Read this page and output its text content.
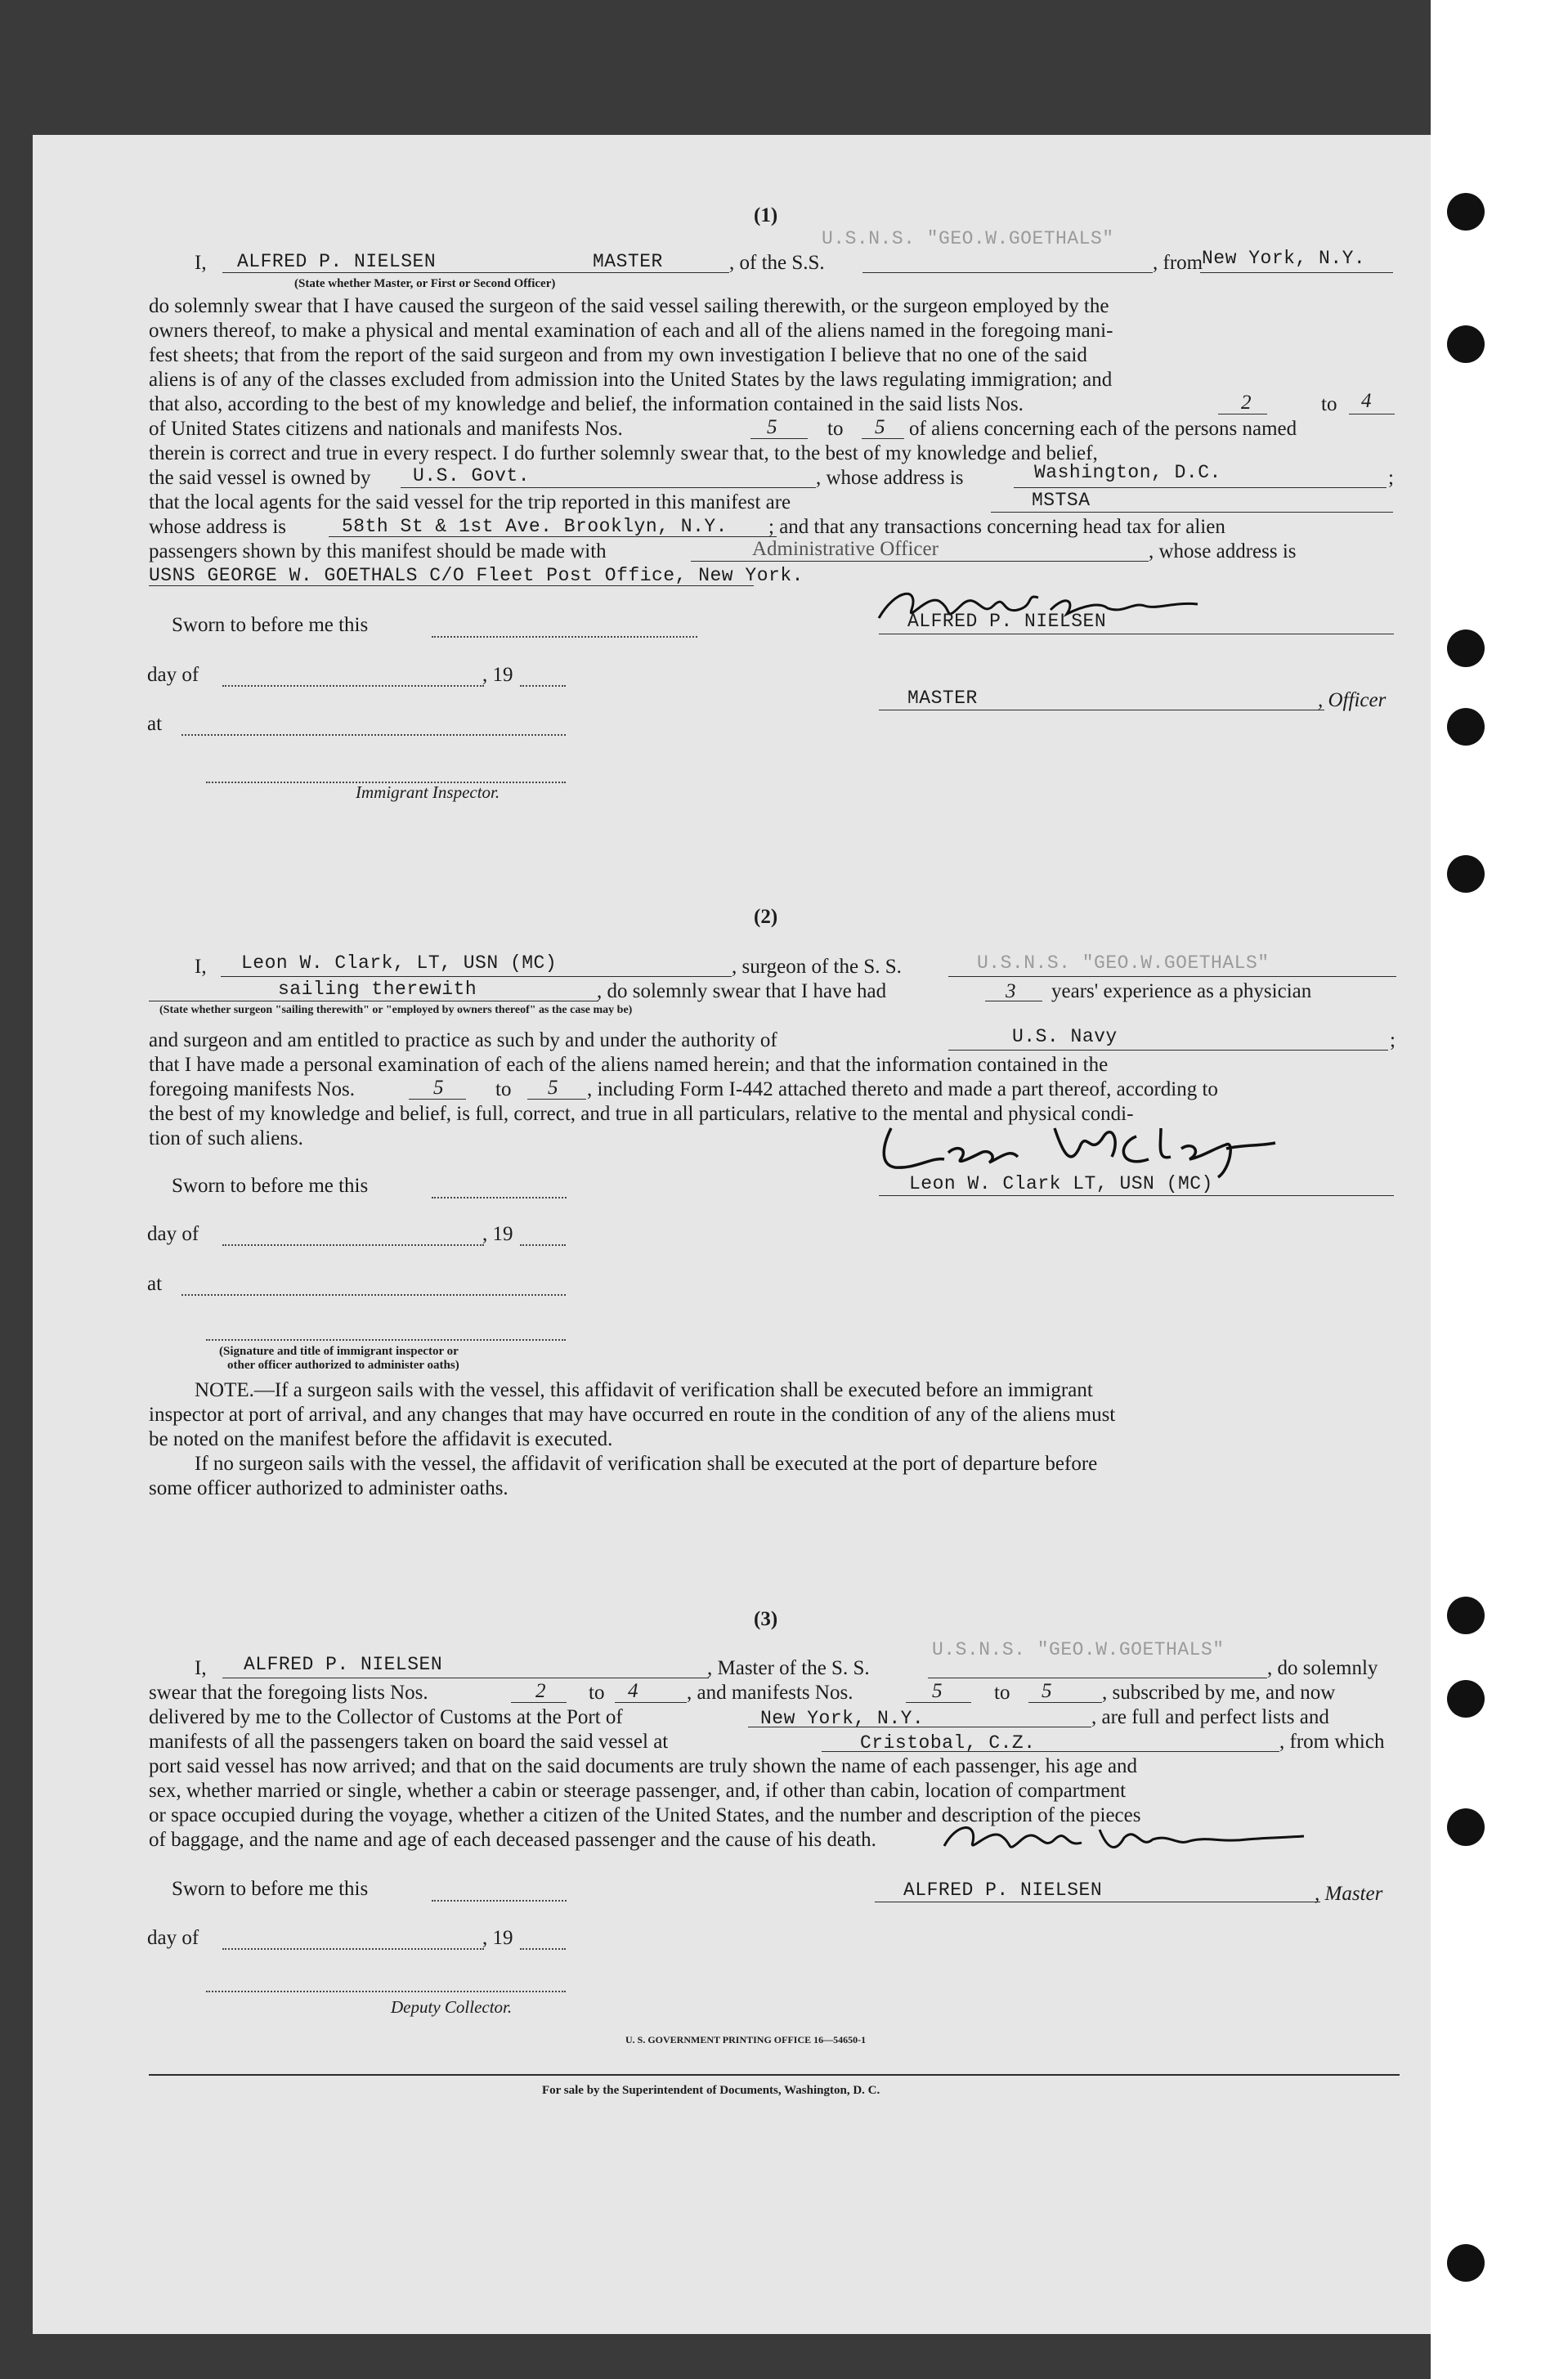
(1)
I, ALFRED P. NIELSEN	MASTER	, of the S.S.
U.S.N.S. "GEO.W.GOETHALS"
, from
New York, N.Y.
(State whether Master, or First or Second Officer)
do solemnly swear that I have caused the surgeon of the said vessel sailing therewith, or the surgeon employed by the
owners thereof, to make a physical and mental examination of each and all of the aliens named in the foregoing mani-
fest sheets; that from the report of the said surgeon and from my own investigation I believe that no one of the said
aliens is of any of the classes excluded from admission into the United States by the laws regulating immigration; and
that also, according to the best of my knowledge and belief, the information contained in the said lists Nos.	2	to 4
of United States citizens and nationals and manifests Nos.	5 to 5 of aliens concerning each of the persons named
therein is correct and true in every respect. I do further solemnly swear that, to the best of my knowledge and belief,
the said vessel is owned by U.S. Govt.	, whose address is	Washington, D.C.	;
that the local agents for the said vessel for the trip reported in this manifest are	MSTSA
whose address is	58th St & 1st Ave. Brooklyn, N.Y. ; and that any transactions concerning head tax for alien
passengers shown by this manifest should be made with	Administrative Officer	, whose address is
USNS GEORGE W. GOETHALS C/O Fleet Post Office, New York.
Sworn to before me this	ALFRED P. NIELSEN
day of	, 19
MASTER	, Officer
at
Immigrant Inspector.
(2)
I, Leon W. Clark, LT, USN (MC)	, surgeon of the S. S.	U.S.N.S. "GEO.W.GOETHALS"
sailing therewith	, do solemnly swear that I have had	3 years' experience as a physician
(State whether surgeon "sailing therewith" or "employed by owners thereof" as the case may be)
and surgeon and am entitled to practice as such by and under the authority of	U.S. Navy	;
that I have made a personal examination of each of the aliens named herein; and that the information contained in the
foregoing manifests Nos.	5	to 5 , including Form I-442 attached thereto and made a part thereof, according to
the best of my knowledge and belief, is full, correct, and true in all particulars, relative to the mental and physical condi-
tion of such aliens.
Leon W. Clark LT, USN (MC)
Sworn to before me this
day of	, 19
at
(Signature and title of immigrant inspector or
other officer authorized to administer oaths)
NOTE.—If a surgeon sails with the vessel, this affidavit of verification shall be executed before an immigrant
inspector at port of arrival, and any changes that may have occurred en route in the condition of any of the aliens must
be noted on the manifest before the affidavit is executed.
If no surgeon sails with the vessel, the affidavit of verification shall be executed at the port of departure before
some officer authorized to administer oaths.
(3)
I, ALFRED P. NIELSEN	, Master of the S. S.
U.S.N.S. "GEO.W.GOETHALS"
, do solemnly
swear that the foregoing lists Nos.	2 to 4 , and manifests Nos.	5	to 5 , subscribed by me, and now
delivered by me to the Collector of Customs at the Port of	New York, N.Y.	, are full and perfect lists and
manifests of all the passengers taken on board the said vessel at	Cristobal, C.Z.	, from which
port said vessel has now arrived; and that on the said documents are truly shown the name of each passenger, his age and
sex, whether married or single, whether a cabin or steerage passenger, and, if other than cabin, location of compartment
or space occupied during the voyage, whether a citizen of the United States, and the number and description of the pieces
of baggage, and the name and age of each deceased passenger and the cause of his death.
ALFRED P. NIELSEN	, Master
Sworn to before me this
day of	, 19
Deputy Collector.
U. S. GOVERNMENT PRINTING OFFICE 16—54650-1
For sale by the Superintendent of Documents, Washington, D. C.
